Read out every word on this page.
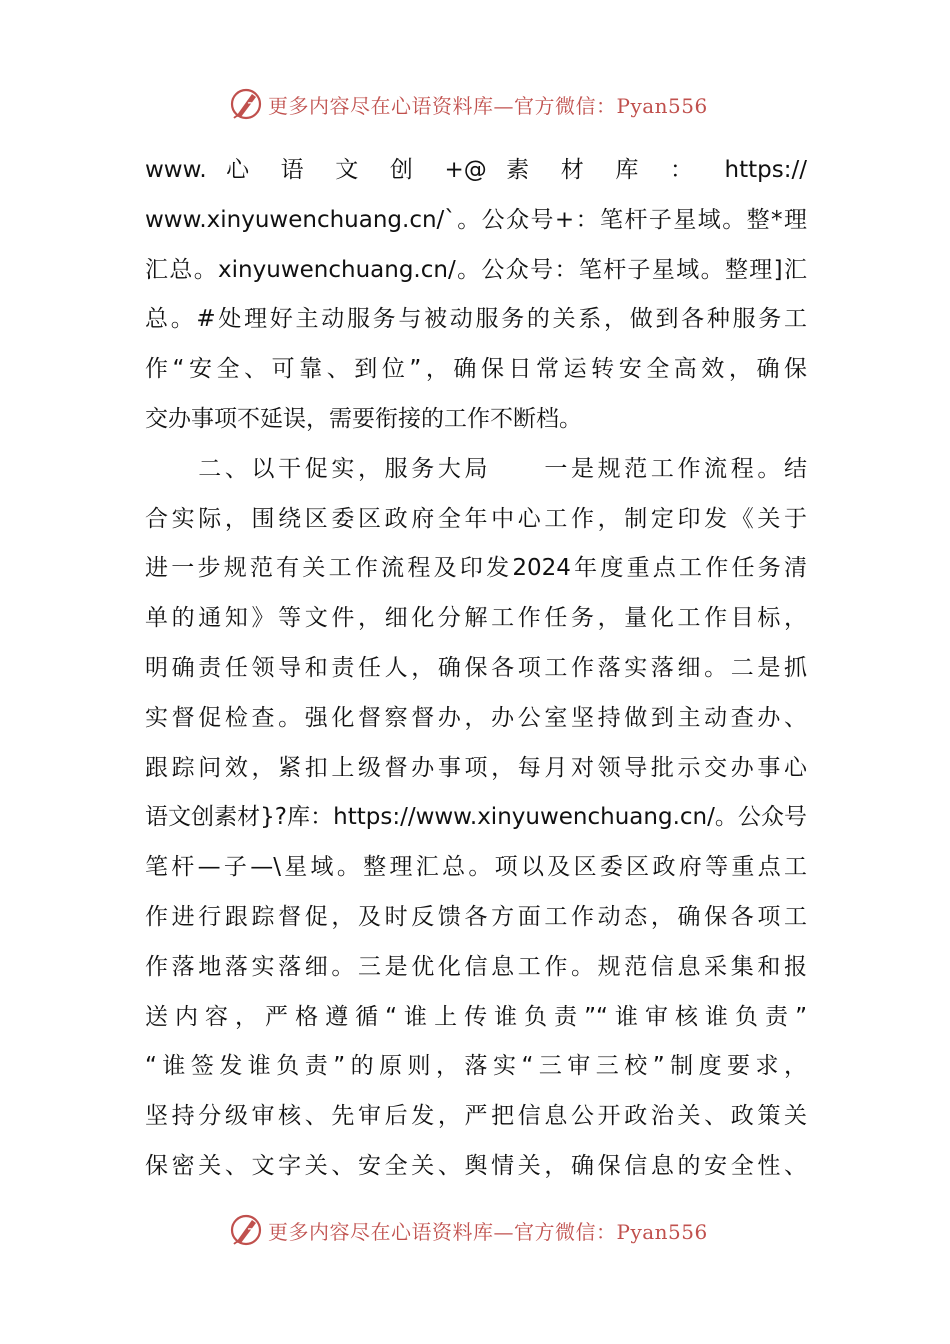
更多内容尽在心语资料库—官方微信：Pyan556
www. 心 语 文 创 +@ 素 材 库 ： https://
www.xinyuwenchuang.cn/`。公众号+：笔杆子星域。整*理
汇总。xinyuwenchuang.cn/。公众号：笔杆子星域。整理]汇
总。#处理好主动服务与被动服务的关系，做到各种服务工
作“安全、可靠、到位”，确保日常运转安全高效，确保
交办事项不延误，需要衔接的工作不断档。
　　二、以干促实，服务大局　　一是规范工作流程。结
合实际，围绕区委区政府全年中心工作，制定印发《关于
进一步规范有关工作流程及印发2024年度重点工作任务清
单的通知》等文件，细化分解工作任务，量化工作目标，
明确责任领导和责任人，确保各项工作落实落细。二是抓
实督促检查。强化督察督办，办公室坚持做到主动查办、
跟踪问效，紧扣上级督办事项，每月对领导批示交办事心
语文创素材}?库：https://www.xinyuwenchuang.cn/。公众号
笔杆—子—\星域。整理汇总。项以及区委区政府等重点工
作进行跟踪督促，及时反馈各方面工作动态，确保各项工
作落地落实落细。三是优化信息工作。规范信息采集和报
送内容，严格遵循“谁上传谁负责”“谁审核谁负责”
“谁签发谁负责”的原则，落实“三审三校”制度要求，
坚持分级审核、先审后发，严把信息公开政治关、政策关
保密关、文字关、安全关、舆情关，确保信息的安全性、
更多内容尽在心语资料库—官方微信：Pyan556
